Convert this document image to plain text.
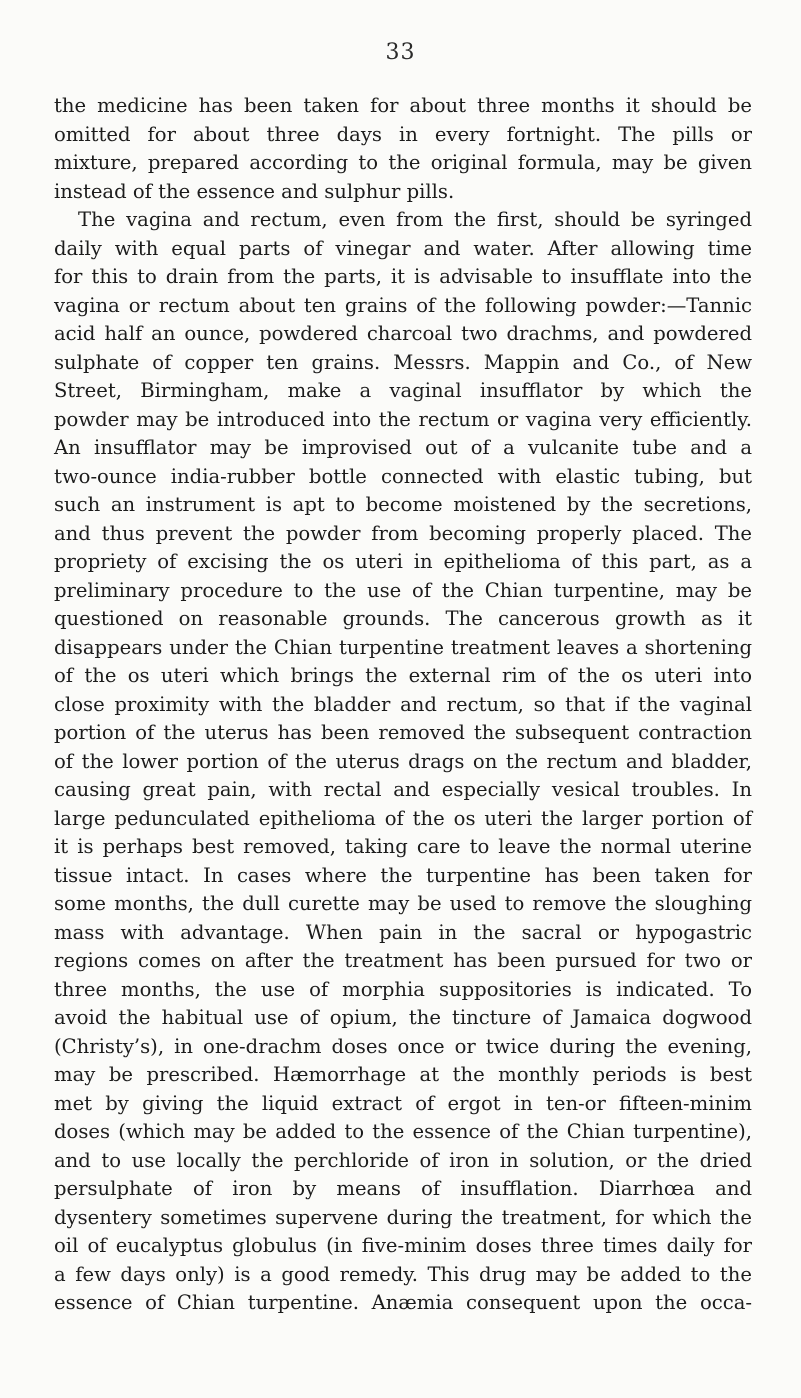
33
the medicine has been taken for about three months it should be
omitted for about three days in every fortnight. The pills or
mixture, prepared according to the original formula, may be given
instead of the essence and sulphur pills.
The vagina and rectum, even from the first, should be syringed
daily with equal parts of vinegar and water. After allowing time
for this to drain from the parts, it is advisable to insufflate into the
vagina or rectum about ten grains of the following powder:—Tannic
acid half an ounce, powdered charcoal two drachms, and powdered
sulphate of copper ten grains. Messrs. Mappin and Co., of New
Street, Birmingham, make a vaginal insufflator by which the
powder may be introduced into the rectum or vagina very efficiently.
An insufflator may be improvised out of a vulcanite tube and a
two-ounce india-rubber bottle connected with elastic tubing, but
such an instrument is apt to become moistened by the secretions,
and thus prevent the powder from becoming properly placed. The
propriety of excising the os uteri in epithelioma of this part, as a
preliminary procedure to the use of the Chian turpentine, may be
questioned on reasonable grounds. The cancerous growth as it
disappears under the Chian turpentine treatment leaves a shortening
of the os uteri which brings the external rim of the os uteri into
close proximity with the bladder and rectum, so that if the vaginal
portion of the uterus has been removed the subsequent contraction
of the lower portion of the uterus drags on the rectum and bladder,
causing great pain, with rectal and especially vesical troubles. In
large pedunculated epithelioma of the os uteri the larger portion of
it is perhaps best removed, taking care to leave the normal uterine
tissue intact. In cases where the turpentine has been taken for
some months, the dull curette may be used to remove the sloughing
mass with advantage. When pain in the sacral or hypogastric
regions comes on after the treatment has been pursued for two or
three months, the use of morphia suppositories is indicated. To
avoid the habitual use of opium, the tincture of Jamaica dogwood
(Christy’s), in one-drachm doses once or twice during the evening,
may be prescribed. Hæmorrhage at the monthly periods is best
met by giving the liquid extract of ergot in ten-or fifteen-minim
doses (which may be added to the essence of the Chian turpentine),
and to use locally the perchloride of iron in solution, or the dried
persulphate of iron by means of insufflation. Diarrhœa and
dysentery sometimes supervene during the treatment, for which the
oil of eucalyptus globulus (in five-minim doses three times daily for
a few days only) is a good remedy. This drug may be added to the
essence of Chian turpentine. Anæmia consequent upon the occa-
